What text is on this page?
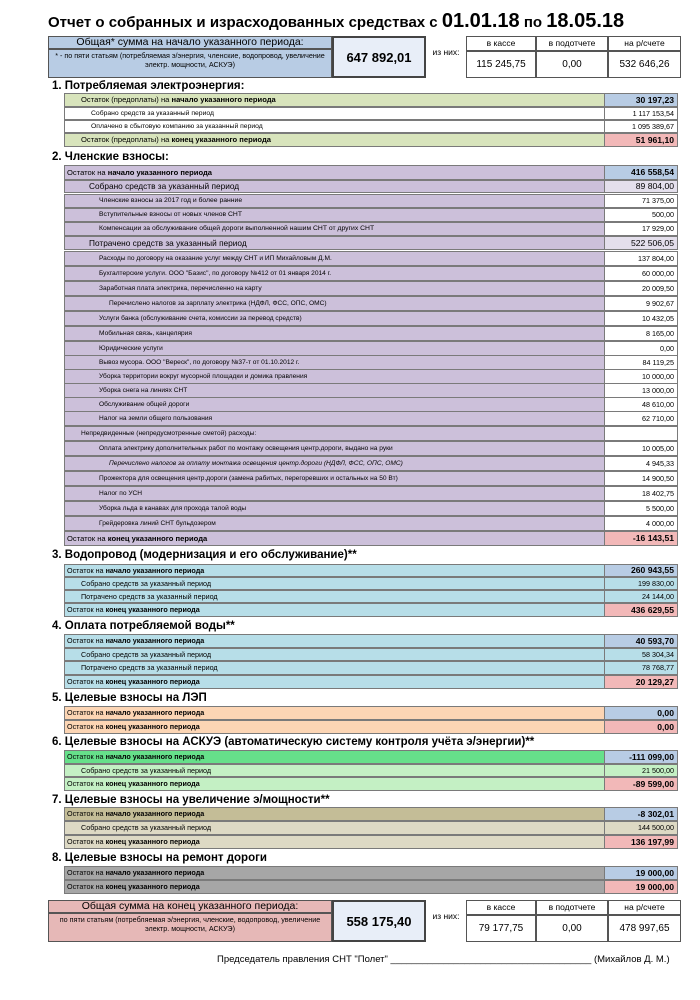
Отчет о собранных и израсходованных средствах с 01.01.18 по 18.05.18
Общая* сумма на начало указанного периода:
* - по пяти статьям (потребляемая э/энергия, членские, водопровод, увеличение электр. мощности, АСКУЭ)	647 892,01	из них:
в кассе	в подотчете	на р/счете
115 245,75	0,00	532 646,26
1. Потребляемая электроэнергия:
Остаток (предоплаты) на начало указанного периода	30 197,23
Собрано средств за указанный период	1 117 153,54
Оплачено в сбытовую компанию за указанный период	1 095 389,67
Остаток (предоплаты) на конец указанного периода	51 961,10
2. Членские взносы:
Остаток на начало указанного периода	416 558,54
Собрано средств за указанный период	89 804,00
Членские взносы за 2017 год и более ранние	71 375,00
Вступительные взносы от новых членов СНТ	500,00
Компенсации за обслуживание общей дороги выполненной нашим СНТ от других СНТ	17 929,00
Потрачено средств за указанный период	522 506,05
Расходы по договору на оказание услуг между СНТ и ИП Михайловым Д.М.	137 804,00
Бухгалтерские услуги. ООО "Базис", по договору №412 от 01 января 2014 г.	60 000,00
Заработная плата электрика, перечисленно на карту	20 009,50
Перечислено налогов за зарплату электрика (НДФЛ, ФСС, ОПС, ОМС)	9 902,67
Услуги банка (обслуживание счета, комиссии за перевод средств)	10 432,05
Мобильная связь, канцелярия	8 165,00
Юридические услуги	0,00
Вывоз мусора. ООО "Вереск", по договору №37-т от 01.10.2012 г.	84 119,25
Уборка территории вокруг мусорной площадки и домика правления	10 000,00
Уборка снега на линиях СНТ	13 000,00
Обслуживание общей дороги	48 610,00
Налог на земли общего пользования	62 710,00
Непредвиденные (непредусмотренные сметой) расходы:
Оплата электрику дополнительных работ по монтажу освещения центр.дороги, выдано на руки	10 005,00
Перечислено налогов за оплату монтажа освещения центр.дороги (НДФЛ, ФСС, ОПС, ОМС)	4 945,33
Прожектора для освещения центр.дороги (замена рабитых, перегоревших и остальных на 50 Вт)	14 900,50
Налог по УСН	18 402,75
Уборка льда в канавах для прохода талой воды	5 500,00
Грейдеровка линий СНТ бульдозером	4 000,00
Остаток на конец указанного периода	-16 143,51
3. Водопровод (модернизация и его обслуживание)**
Остаток на начало указанного периода	260 943,55
Собрано средств за указанный период	199 830,00
Потрачено средств за указанный период	24 144,00
Остаток на конец указанного периода	436 629,55
4. Оплата потребляемой воды**
Остаток на начало указанного периода	40 593,70
Собрано средств за указанный период	58 304,34
Потрачено средств за указанный период	78 768,77
Остаток на конец указанного периода	20 129,27
5. Целевые взносы на ЛЭП
Остаток на начало указанного периода	0,00
Остаток на конец указанного периода	0,00
6. Целевые взносы на АСКУЭ (автоматическую систему контроля учёта э/энергии)**
Остаток на начало указанного периода	-111 099,00
Собрано средств за указанный период	21 500,00
Остаток на конец указанного периода	-89 599,00
7. Целевые взносы на увеличение э/мощности**
Остаток на начало указанного периода	-8 302,01
Собрано средств за указанный период	144 500,00
Остаток на конец указанного периода	136 197,99
8. Целевые взносы на ремонт дороги
Остаток на начало указанного периода	19 000,00
Остаток на конец указанного периода	19 000,00
Общая сумма на конец указанного периода:
по пяти статьям (потребляемая э/энергия, членские, водопровод, увеличение электр. мощности, АСКУЭ)	558 175,40	из них:
в кассе	в подотчете	на р/счете
79 177,75	0,00	478 997,65
Председатель правления СНТ "Полет" ______________________________________ (Михайлов Д. М.)
